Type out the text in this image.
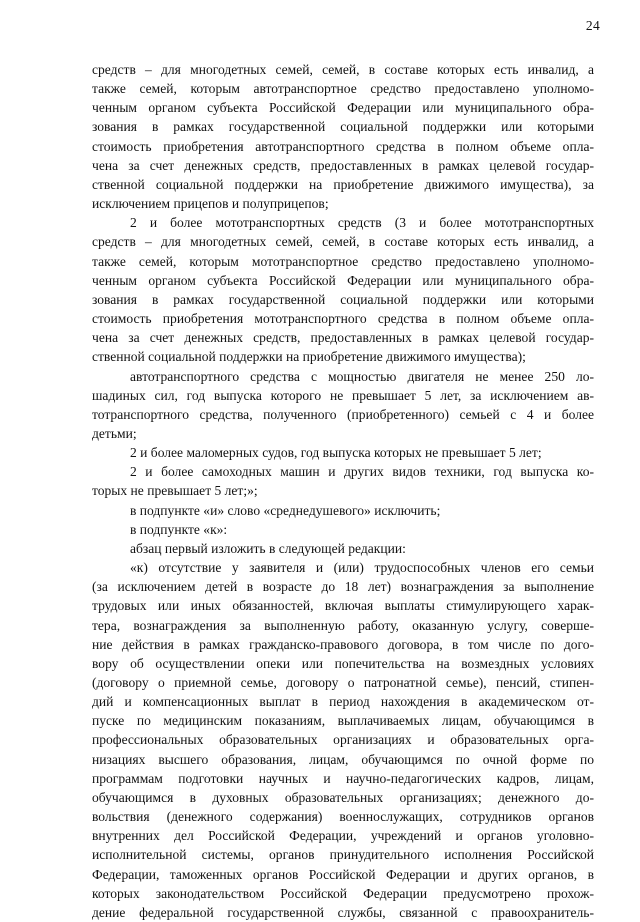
24
средств – для многодетных семей, семей, в составе которых есть инвалид, а
также семей, которым автотранспортное средство предоставлено уполномо-
ченным органом субъекта Российской Федерации или муниципального обра-
зования в рамках государственной социальной поддержки или которыми
стоимость приобретения автотранспортного средства в полном объеме опла-
чена за счет денежных средств, предоставленных в рамках целевой государ-
ственной социальной поддержки на приобретение движимого имущества), за
исключением прицепов и полуприцепов;
2 и более мототранспортных средств (3 и более мототранспортных
средств – для многодетных семей, семей, в составе которых есть инвалид, а
также семей, которым мототранспортное средство предоставлено уполномо-
ченным органом субъекта Российской Федерации или муниципального обра-
зования в рамках государственной социальной поддержки или которыми
стоимость приобретения мототранспортного средства в полном объеме опла-
чена за счет денежных средств, предоставленных в рамках целевой государ-
ственной социальной поддержки на приобретение движимого имущества);
автотранспортного средства с мощностью двигателя не менее 250 ло-
шадиных сил, год выпуска которого не превышает 5 лет, за исключением ав-
тотранспортного средства, полученного (приобретенного) семьей с 4 и более
детьми;
2 и более маломерных судов, год выпуска которых не превышает 5 лет;
2 и более самоходных машин и других видов техники, год выпуска ко-
торых не превышает 5 лет;»;
в подпункте «и» слово «среднедушевого» исключить;
в подпункте «к»:
абзац первый изложить в следующей редакции:
«к) отсутствие у заявителя и (или) трудоспособных членов его семьи
(за исключением детей в возрасте до 18 лет) вознаграждения за выполнение
трудовых или иных обязанностей, включая выплаты стимулирующего харак-
тера, вознаграждения за выполненную работу, оказанную услугу, соверше-
ние действия в рамках гражданско-правового договора, в том числе по дого-
вору об осуществлении опеки или попечительства на возмездных условиях
(договору о приемной семье, договору о патронатной семье), пенсий, стипен-
дий и компенсационных выплат в период нахождения в академическом от-
пуске по медицинским показаниям, выплачиваемых лицам, обучающимся в
профессиональных образовательных организациях и образовательных орга-
низациях высшего образования, лицам, обучающимся по очной форме по
программам подготовки научных и научно-педагогических кадров, лицам,
обучающимся в духовных образовательных организациях; денежного до-
вольствия (денежного содержания) военнослужащих, сотрудников органов
внутренних дел Российской Федерации, учреждений и органов уголовно-
исполнительной системы, органов принудительного исполнения Российской
Федерации, таможенных органов Российской Федерации и других органов, в
которых законодательством Российской Федерации предусмотрено прохож-
дение федеральной государственной службы, связанной с правоохранитель-
